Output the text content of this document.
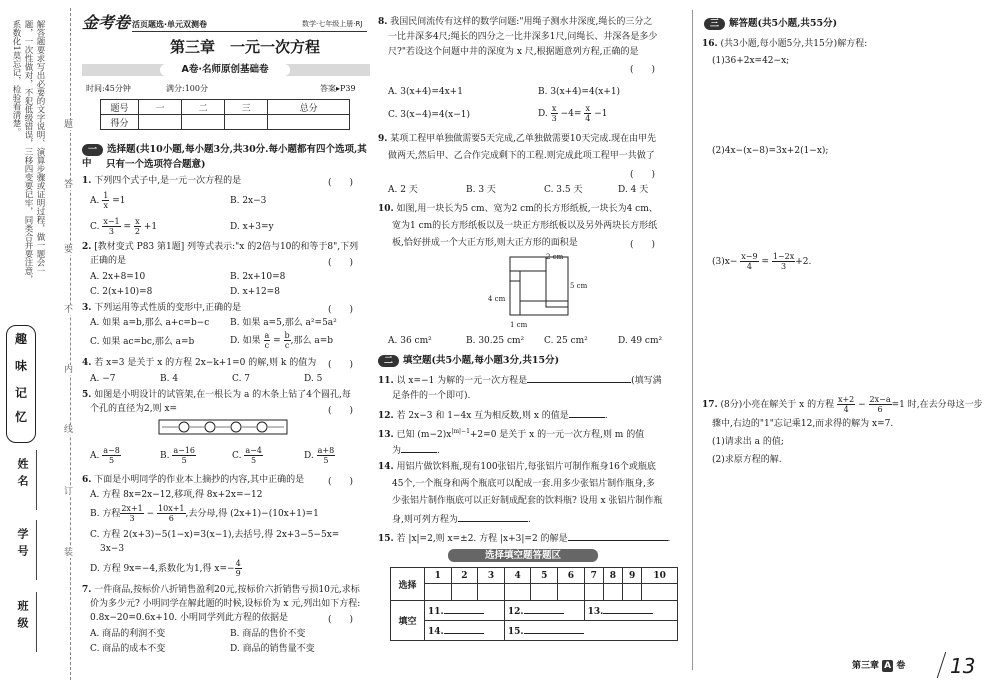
解答题要求写出必要的文字说明、演算步骤或证明过程，做一题会一题，一次性做对，不犯低级错误，三移四变要记牢，同类合并要注意，系数化1莫忘记，检验看清楚。
趣
味
记
忆
姓名
学号
班级
题
答
要
不
内
线
订
装
金考卷 活页题选·单元双测卷	数学·七年级上册·RJ
第三章　一元一次方程
A卷·名师原创基础卷
时间:45分钟	满分:100分	答案▸P39
题号	一	二	三	总分
得分				
一 选择题(共10小题,每小题3分,共30分.每小题都有四个选项,其中	只有一个选项符合题意)
1. 下列四个式子中,是一元一次方程的是	(　　)
A. $\frac{1}{x} =1$	B. 2x−3
C. $\frac{x-1}{3} = \frac{x}{2} +1$	D. x+3=y
2. [教材变式 P83 第1题] 列等式表示:"x 的2倍与10的和等于8",下列
正确的是	(　　)
A. 2x+8=10	B. 2x+10=8
C. 2(x+10)=8	D. x+12=8
3. 下列运用等式性质的变形中,正确的是	(　　)
A. 如果 a=b,那么 a+c=b−c B. 如果 a=5,那么 a²=5a²
C. 如果 ac=bc,那么 a=b	D. 如果 $\frac{a}{c} = \frac{b}{c}$ ,那么 a=b
4. 若 x=3 是关于 x 的方程 2x−k+1=0 的解,则 k 的值为 (　　)
A. −7	B. 4	C. 7	D. 5
5. 如图是小明设计的试管架,在一根长为 a 的木条上钻了4个圆孔,每
个孔的直径为2,则 x=	(　　)
A. $\frac{a-8}{5}$	B. $\frac{a-16}{5}$	C. $\frac{a-4}{5}$	D. $\frac{a+8}{5}$
6. 下面是小明同学的作业本上摘抄的内容,其中正确的是	(　　)
A. 方程 8x=2x−12,移项,得 8x+2x=−12
B. 方程 $\frac{2x+1}{3} - \frac{10x+1}{6}$ ,去分母,得 (2x+1)−(10x+1)=1
C. 方程 2(x+3)−5(1−x)=3(x−1),去括号,得 2x+3−5−5x=
3x−3
D. 方程 9x=−4,系数化为1,得 $x=- \frac{4}{9}$
7. 一件商品,按标价八折销售盈利20元,按标价六折销售亏损10元,求标
价为多少元? 小明同学在解此题的时候,设标价为 x 元,列出如下方程:
0.8x−20=0.6x+10. 小明同学列此方程的依据是	(　　)
A. 商品的利润不变	B. 商品的售价不变
C. 商品的成本不变	D. 商品的销售量不变
8. 我国民间流传有这样的数学问题:"用绳子测水井深度,绳长的三分之
一比井深多4尺;绳长的四分之一比井深多1尺,问绳长、井深各是多少
尺?"若设这个问题中井的深度为 x 尺,根据题意列方程,正确的是
(　　)
A. 3(x+4)=4x+1	B. 3(x+4)=4(x+1)
C. 3(x−4)=4(x−1)	D. $\frac{x}{3} -4= \frac{x}{4} -1$
9. 某项工程甲单独做需要5天完成,乙单独做需要10天完成.现在由甲先
做两天,然后甲、乙合作完成剩下的工程.则完成此项工程甲一共做了
(　　)
A. 2 天	B. 3 天	C. 3.5 天	D. 4 天
10. 如图,用一块长为5 cm、宽为2 cm的长方形纸板,一块长为4 cm、
宽为1 cm的长方形纸板以及一块正方形纸板以及另外两块长方形纸
板,恰好拼成一个大正方形,则大正方形的面积是	(　　)
2 cm
5 cm
4 cm
1 cm
A. 36 cm²	B. 30.25 cm² C. 25 cm²	D. 49 cm²
二 填空题(共5小题,每小题3分,共15分)
11. 以 x=−1 为解的一元一次方程是	(填写满
足条件的一个即可).
12. 若 2x−3 和 1−4x 互为相反数,则 x 的值是	.
13. 已知 $(m-2)x^{|m|-1}+2=0$ 是关于 x 的一元一次方程,则 m 的值
为	.
14. 用铝片做饮料瓶,现有100张铝片,每张铝片可制作瓶身16个或瓶底
45个,一个瓶身和两个瓶底可以配成一套.用多少张铝片制作瓶身,多
少张铝片制作瓶底可以正好制成配套的饮料瓶? 设用 x 张铝片制作瓶
身,则可列方程为	.
15. 若 |x|=2,则 x=±2. 方程 |x+3|=2 的解是	.
选择填空题答题区
选择	1	2	3	4	5	6	7	8	9	10

填空	11.			12.			13.			
	14.			15.						
三 解答题(共5小题,共55分)
16. (共3小题,每小题5分,共15分)解方程:
(1)36+2x=42−x;
(2)4x−(x−8)=3x+2(1−x);
$(3)x- \frac{x-9}{4} = \frac{1-2x}{3} +2$.
17. (8分)小亮在解关于 x 的方程 $\frac{x+2}{4} - \frac{2x-a}{6} =1$ 时,在去分母这一步
骤中,右边的"1"忘记乘12,而求得的解为 x=7.
(1)请求出 a 的值;
(2)求原方程的解.
第三章 A 卷 13
